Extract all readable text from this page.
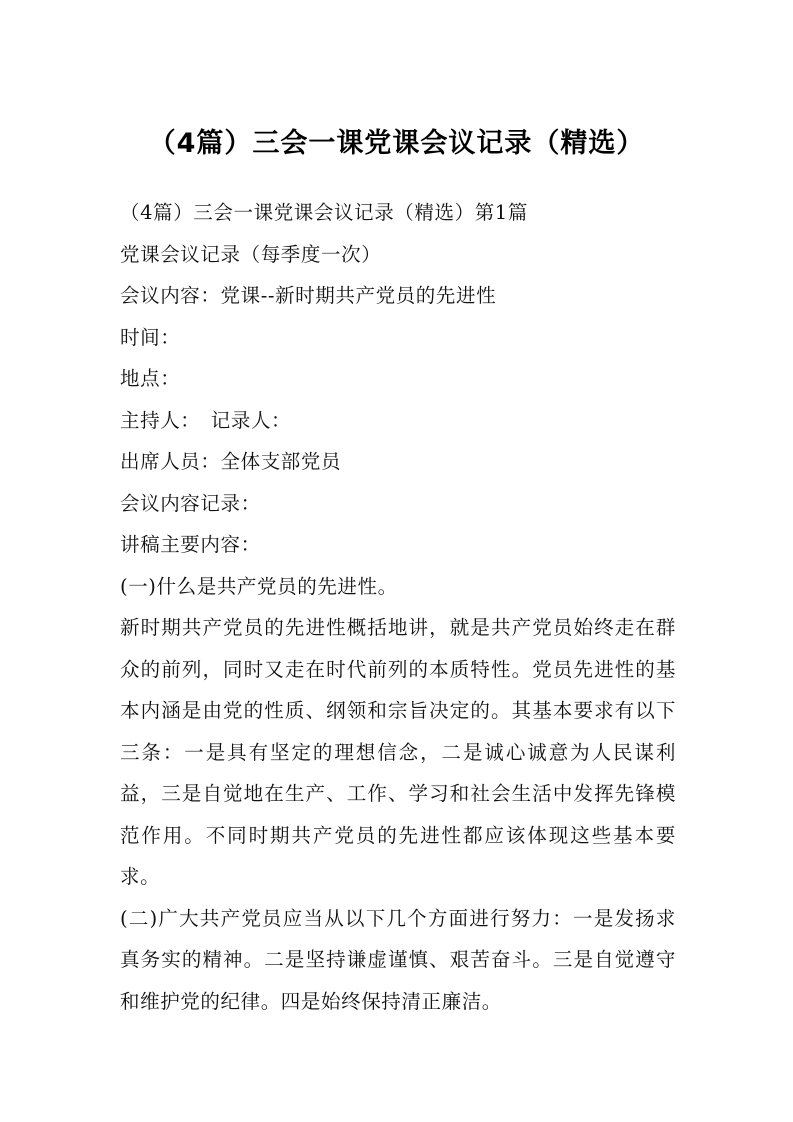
（4篇）三会一课党课会议记录（精选）
（4篇）三会一课党课会议记录（精选）第1篇
党课会议记录（每季度一次）
会议内容：党课--新时期共产党员的先进性
时间：
地点：
主持人：　记录人：
出席人员：全体支部党员
会议内容记录：
讲稿主要内容：
(一)什么是共产党员的先进性。

新时期共产党员的先进性概括地讲，就是共产党员始终走在群众的前列，同时又走在时代前列的本质特性。党员先进性的基本内涵是由党的性质、纲领和宗旨决定的。其基本要求有以下三条：一是具有坚定的理想信念，二是诚心诚意为人民谋利益，三是自觉地在生产、工作、学习和社会生活中发挥先锋模范作用。不同时期共产党员的先进性都应该体现这些基本要求。

(二)广大共产党员应当从以下几个方面进行努力：一是发扬求真务实的精神。二是坚持谦虚谨慎、艰苦奋斗。三是自觉遵守和维护党的纪律。四是始终保持清正廉洁。
